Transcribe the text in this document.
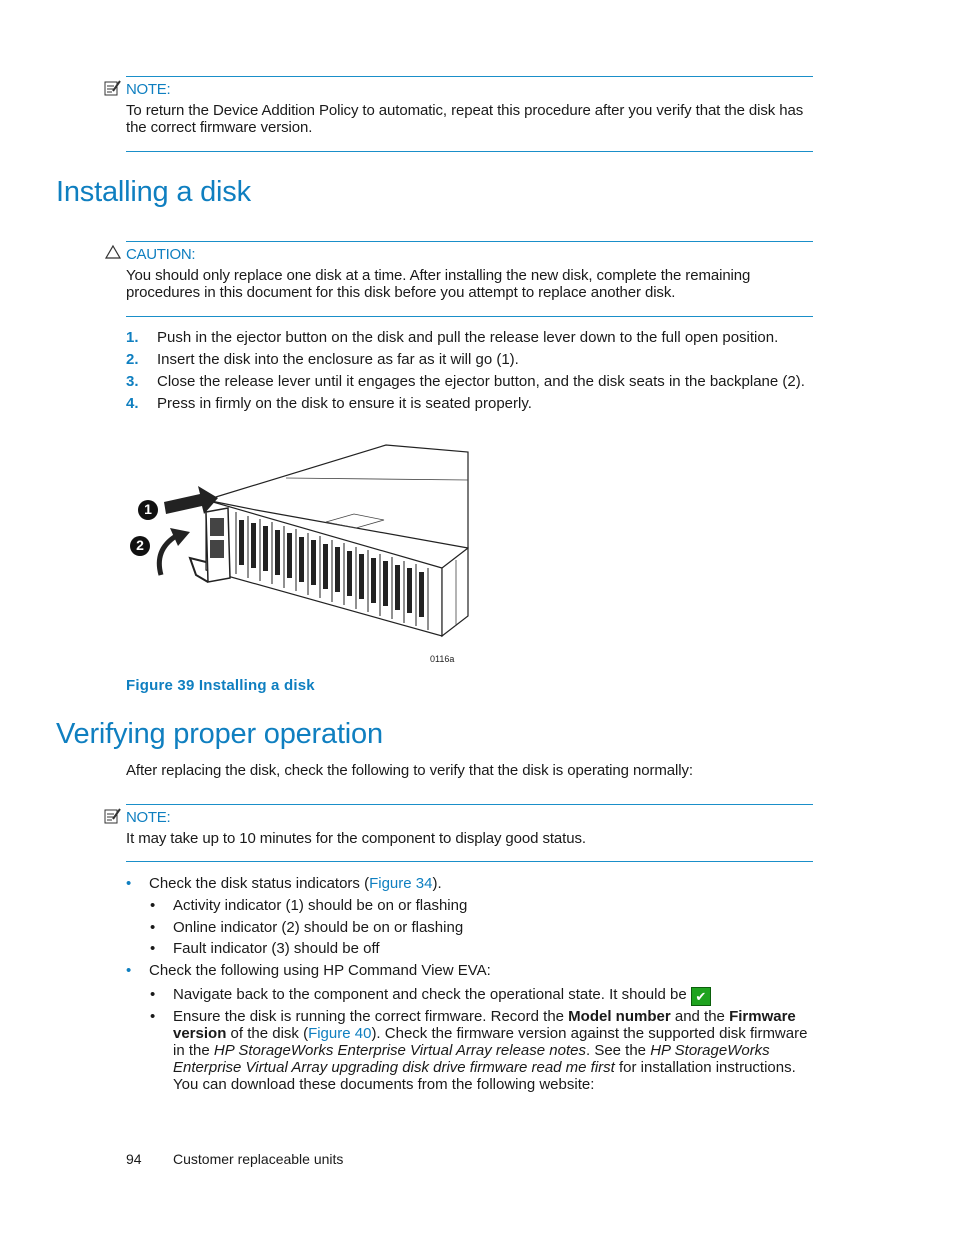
NOTE:
To return the Device Addition Policy to automatic, repeat this procedure after you verify that the disk has the correct firmware version.
Installing a disk
CAUTION:
You should only replace one disk at a time. After installing the new disk, complete the remaining procedures in this document for this disk before you attempt to replace another disk.
1.	Push in the ejector button on the disk and pull the release lever down to the full open position.
2.	Insert the disk into the enclosure as far as it will go (1).
3.	Close the release lever until it engages the ejector button, and the disk seats in the backplane (2).
4.	Press in firmly on the disk to ensure it is seated properly.
1
2
0116a
Figure 39 Installing a disk
Verifying proper operation
After replacing the disk, check the following to verify that the disk is operating normally:
NOTE:
It may take up to 10 minutes for the component to display good status.
•	Check the disk status indicators (Figure 34).
•	Activity indicator (1) should be on or flashing
•	Online indicator (2) should be on or flashing
•	Fault indicator (3) should be off
•	Check the following using HP Command View EVA:
•	Navigate back to the component and check the operational state. It should be ✔
•	Ensure the disk is running the correct firmware. Record the Model number and the Firmware version of the disk (Figure 40). Check the firmware version against the supported disk firmware in the HP StorageWorks Enterprise Virtual Array release notes. See the HP StorageWorks Enterprise Virtual Array upgrading disk drive firmware read me first for installation instructions. You can download these documents from the following website:
94 Customer replaceable units
